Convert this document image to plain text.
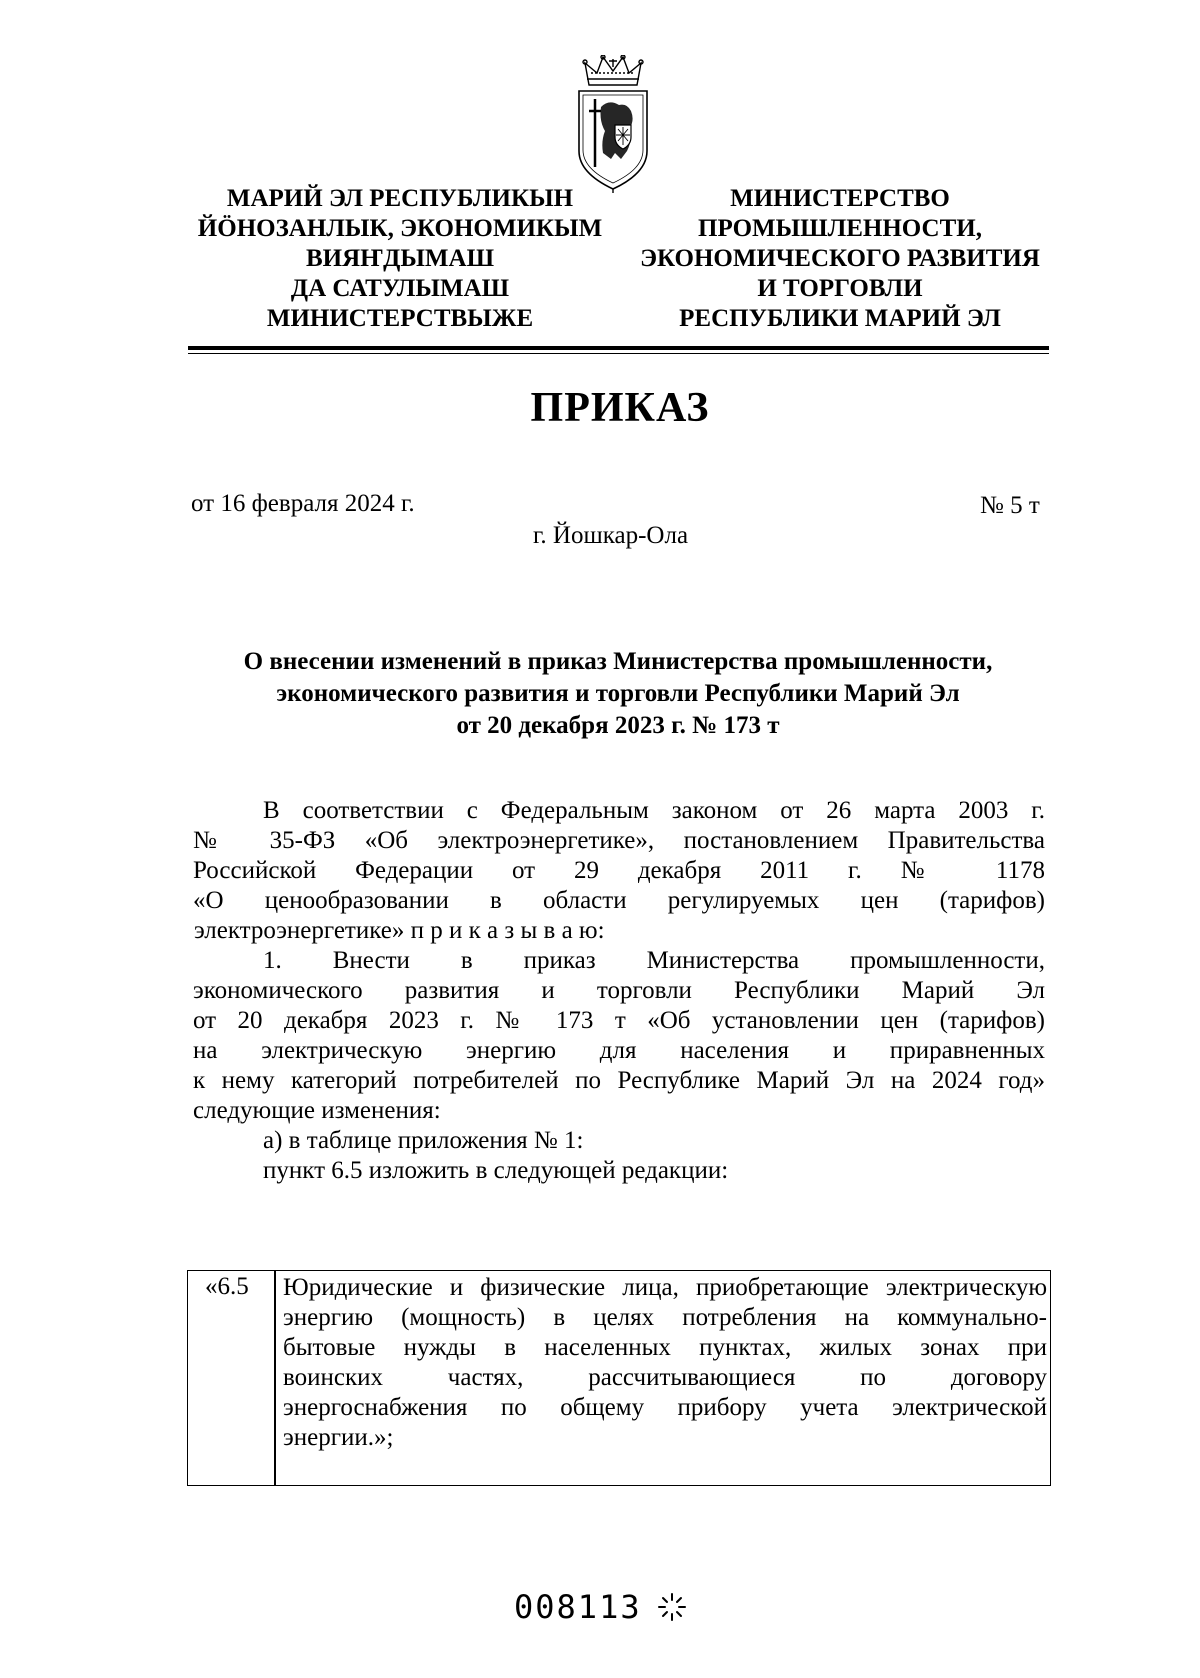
МАРИЙ ЭЛ РЕСПУБЛИКЫН
ЙӦНОЗАНЛЫК, ЭКОНОМИКЫМ
ВИЯҤДЫМАШ
ДА САТУЛЫМАШ
МИНИСТЕРСТВЫЖЕ
МИНИСТЕРСТВО
ПРОМЫШЛЕННОСТИ,
ЭКОНОМИЧЕСКОГО РАЗВИТИЯ
И ТОРГОВЛИ
РЕСПУБЛИКИ МАРИЙ ЭЛ
ПРИКАЗ
от 16 февраля 2024 г.	№ 5 т
г. Йошкар-Ола
О внесении изменений в приказ Министерства промышленности,
экономического развития и торговли Республики Марий Эл
от 20 декабря 2023 г. № 173 т
В соответствии с Федеральным законом от 26 марта 2003 г.
№ 35-ФЗ «Об электроэнергетике», постановлением Правительства
Российской Федерации от 29 декабря 2011 г. № 1178
«О ценообразовании в области регулируемых цен (тарифов)
электроэнергетике» п р и к а з ы в а ю:
1. Внести в приказ Министерства промышленности,
экономического развития и торговли Республики Марий Эл
от 20 декабря 2023 г. № 173 т «Об установлении цен (тарифов)
на электрическую энергию для населения и приравненных
к нему категорий потребителей по Республике Марий Эл на 2024 год»
следующие изменения:
а) в таблице приложения № 1:
пункт 6.5 изложить в следующей редакции:
«6.5 Юридические и физические лица, приобретающие электрическую
энергию (мощность) в целях потребления на коммунально-
бытовые нужды в населенных пунктах, жилых зонах при
воинских частях, рассчитывающиеся по договору
энергоснабжения по общему прибору учета электрической
энергии.»;
008113
